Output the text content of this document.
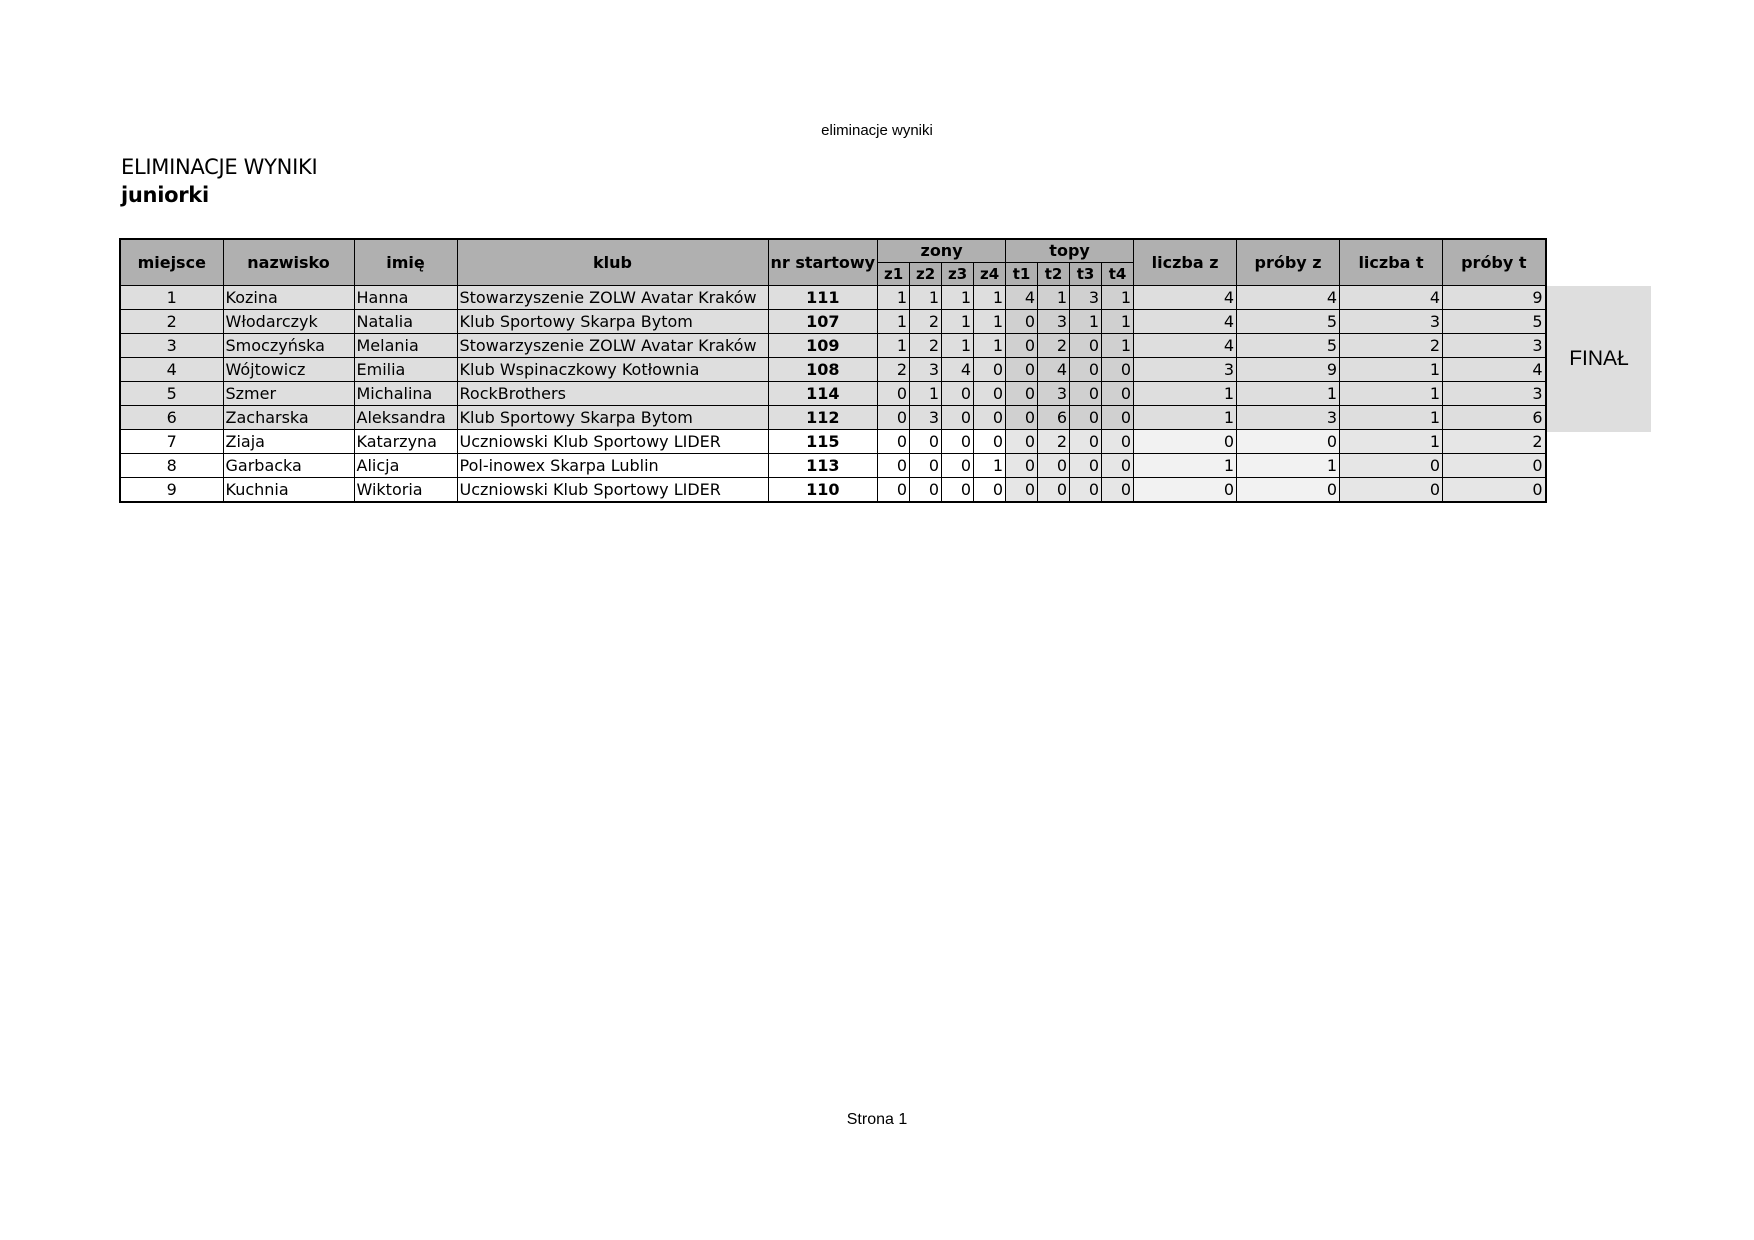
eliminacje wyniki
ELIMINACJE WYNIKI
juniorki
miejsce	nazwisko	imię	klub	nr startowy	zony				topy				liczba z	próby z	liczba t	próby t
					z1	z2	z3	z4	t1	t2	t3	t4				
1	Kozina	Hanna	Stowarzyszenie ZOLW Avatar Kraków	111	1	1	1	1	4	1	3	1	4	4	4	9
2	Włodarczyk	Natalia	Klub Sportowy Skarpa Bytom	107	1	2	1	1	0	3	1	1	4	5	3	5
3	Smoczyńska	Melania	Stowarzyszenie ZOLW Avatar Kraków	109	1	2	1	1	0	2	0	1	4	5	2	3
4	Wójtowicz	Emilia	Klub Wspinaczkowy Kotłownia	108	2	3	4	0	0	4	0	0	3	9	1	4
5	Szmer	Michalina	RockBrothers	114	0	1	0	0	0	3	0	0	1	1	1	3
6	Zacharska	Aleksandra	Klub Sportowy Skarpa Bytom	112	0	3	0	0	0	6	0	0	1	3	1	6
7	Ziaja	Katarzyna	Uczniowski Klub Sportowy LIDER	115	0	0	0	0	0	2	0	0	0	0	1	2
8	Garbacka	Alicja	Pol-inowex Skarpa Lublin	113	0	0	0	1	0	0	0	0	1	1	0	0
9	Kuchnia	Wiktoria	Uczniowski Klub Sportowy LIDER	110	0	0	0	0	0	0	0	0	0	0	0	0
FINAŁ
Strona 1
